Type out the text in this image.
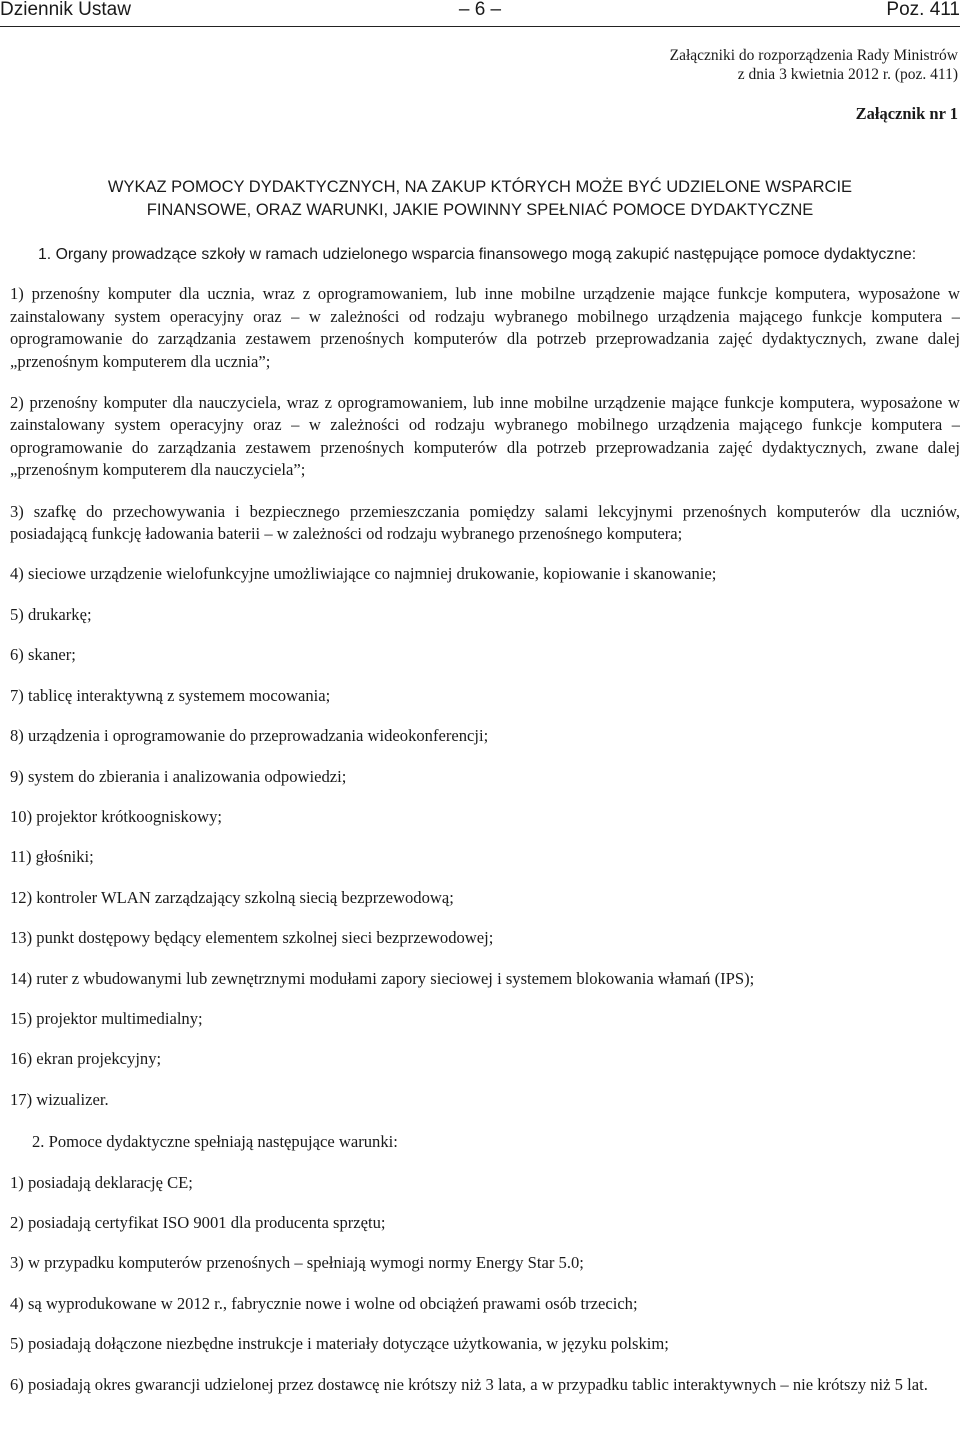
Dziennik Ustaw	– 6 –	Poz. 411
Załączniki do rozporządzenia Rady Ministrów
z dnia 3 kwietnia 2012 r. (poz. 411)
Załącznik nr 1
WYKAZ POMOCY DYDAKTYCZNYCH, NA ZAKUP KTÓRYCH MOŻE BYĆ UDZIELONE WSPARCIE
FINANSOWE, ORAZ WARUNKI, JAKIE POWINNY SPEŁNIAĆ POMOCE DYDAKTYCZNE

1. Organy prowadzące szkoły w ramach udzielonego wsparcia finansowego mogą zakupić następujące pomoce dydaktyczne:

1) przenośny komputer dla ucznia, wraz z oprogramowaniem, lub inne mobilne urządzenie mające funkcje komputera, wyposażone w zainstalowany system operacyjny oraz – w zależności od rodzaju wybranego mobilnego urządzenia mającego funkcje komputera – oprogramowanie do zarządzania zestawem przenośnych komputerów dla potrzeb przeprowadzania zajęć dydaktycznych, zwane dalej „przenośnym komputerem dla ucznia”;

2) przenośny komputer dla nauczyciela, wraz z oprogramowaniem, lub inne mobilne urządzenie mające funkcje komputera, wyposażone w zainstalowany system operacyjny oraz – w zależności od rodzaju wybranego mobilnego urządzenia mającego funkcje komputera – oprogramowanie do zarządzania zestawem przenośnych komputerów dla potrzeb przeprowadzania zajęć dydaktycznych, zwane dalej „przenośnym komputerem dla nauczyciela”;

3) szafkę do przechowywania i bezpiecznego przemieszczania pomiędzy salami lekcyjnymi przenośnych komputerów dla uczniów, posiadającą funkcję ładowania baterii – w zależności od rodzaju wybranego przenośnego komputera;

4) sieciowe urządzenie wielofunkcyjne umożliwiające co najmniej drukowanie, kopiowanie i skanowanie;

5) drukarkę;

6) skaner;

7) tablicę interaktywną z systemem mocowania;

8) urządzenia i oprogramowanie do przeprowadzania wideokonferencji;

9) system do zbierania i analizowania odpowiedzi;

10) projektor krótkoogniskowy;

11) głośniki;

12) kontroler WLAN zarządzający szkolną siecią bezprzewodową;

13) punkt dostępowy będący elementem szkolnej sieci bezprzewodowej;

14) ruter z wbudowanymi lub zewnętrznymi modułami zapory sieciowej i systemem blokowania włamań (IPS);

15) projektor multimedialny;

16) ekran projekcyjny;

17) wizualizer.

2. Pomoce dydaktyczne spełniają następujące warunki:

1) posiadają deklarację CE;

2) posiadają certyfikat ISO 9001 dla producenta sprzętu;

3) w przypadku komputerów przenośnych – spełniają wymogi normy Energy Star 5.0;

4) są wyprodukowane w 2012 r., fabrycznie nowe i wolne od obciążeń prawami osób trzecich;

5) posiadają dołączone niezbędne instrukcje i materiały dotyczące użytkowania, w języku polskim;

6) posiadają okres gwarancji udzielonej przez dostawcę nie krótszy niż 3 lata, a w przypadku tablic interaktywnych – nie krótszy niż 5 lat.
